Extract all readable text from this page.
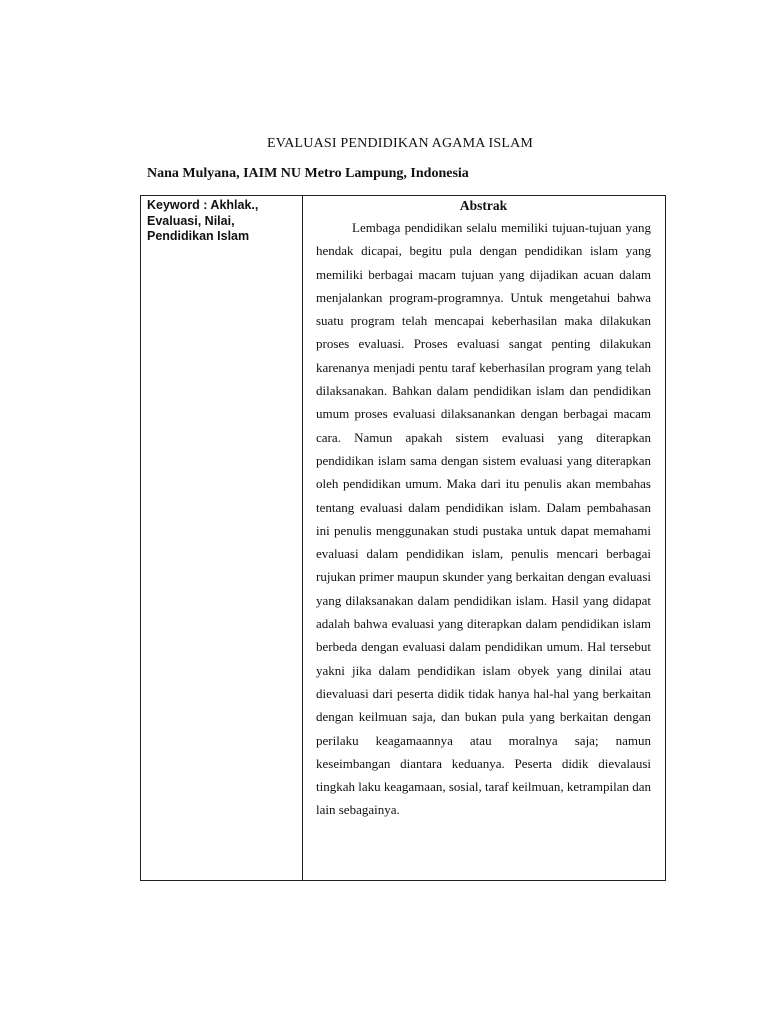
EVALUASI PENDIDIKAN AGAMA ISLAM
Nana Mulyana, IAIM NU Metro Lampung, Indonesia
Keyword : Akhlak.,
Evaluasi, Nilai,
Pendidikan Islam
Abstrak

Lembaga pendidikan selalu memiliki tujuan-tujuan yang hendak dicapai, begitu pula dengan pendidikan islam yang memiliki berbagai macam tujuan yang dijadikan acuan dalam menjalankan program-programnya. Untuk mengetahui bahwa suatu program telah mencapai keberhasilan maka dilakukan proses evaluasi. Proses evaluasi sangat penting dilakukan karenanya menjadi pentu taraf keberhasilan program yang telah dilaksanakan. Bahkan dalam pendidikan islam dan pendidikan umum proses evaluasi dilaksanankan dengan berbagai macam cara. Namun apakah sistem evaluasi yang diterapkan pendidikan islam sama dengan sistem evaluasi yang diterapkan oleh pendidikan umum. Maka dari itu penulis akan membahas tentang evaluasi dalam pendidikan islam. Dalam pembahasan ini penulis menggunakan studi pustaka untuk dapat memahami evaluasi dalam pendidikan islam, penulis mencari berbagai rujukan primer maupun skunder yang berkaitan dengan evaluasi yang dilaksanakan dalam pendidikan islam. Hasil yang didapat adalah bahwa evaluasi yang diterapkan dalam pendidikan islam berbeda dengan evaluasi dalam pendidikan umum. Hal tersebut yakni jika dalam pendidikan islam obyek yang dinilai atau dievaluasi dari peserta didik tidak hanya hal-hal yang berkaitan dengan keilmuan saja, dan bukan pula yang berkaitan dengan perilaku keagamaannya atau moralnya saja; namun keseimbangan diantara keduanya. Peserta didik dievalausi tingkah laku keagamaan, sosial, taraf keilmuan, ketrampilan dan lain sebagainya.
